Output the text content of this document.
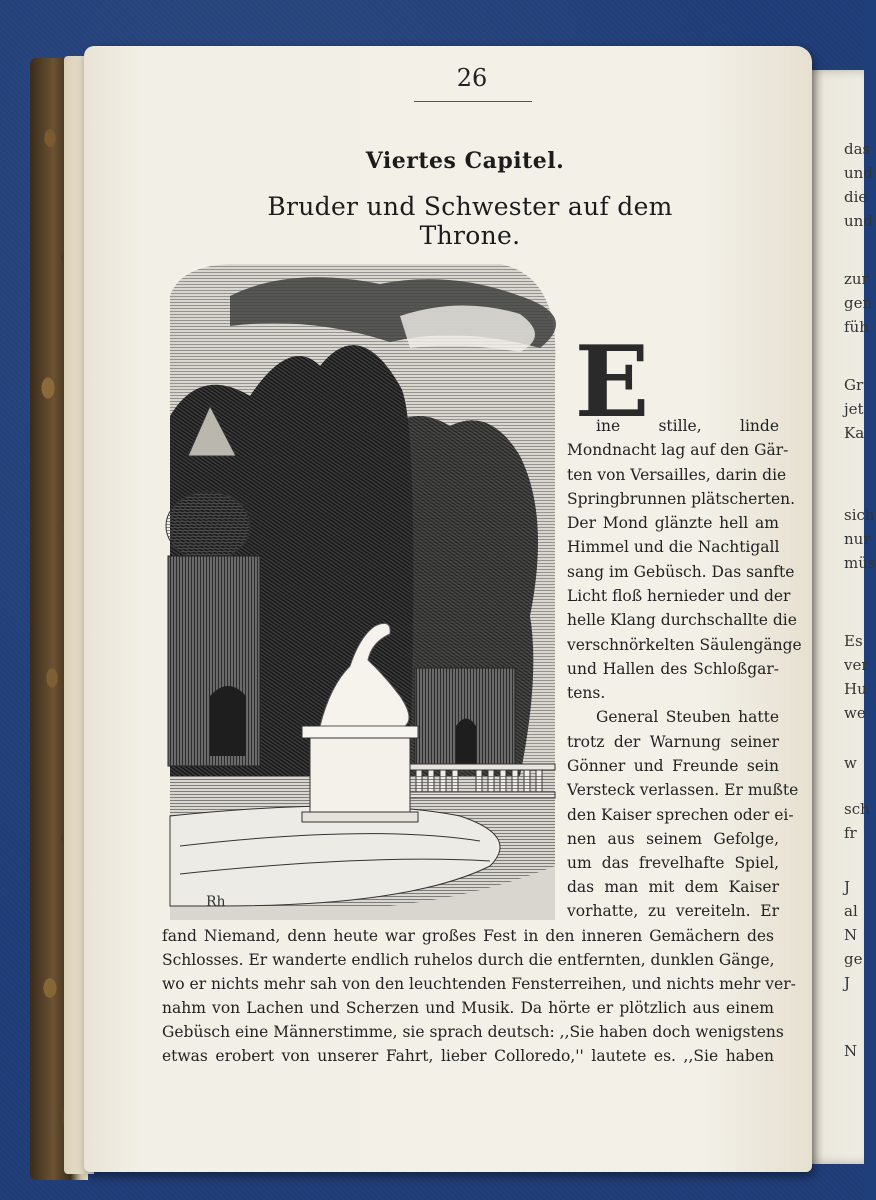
das
und
die
und
zur
gen
füh
Gr
jet
Ka
sich
nur
müs
Es
ver
Hu
we
w
sch
fr
J
al
N
ge
J
N
26
Viertes Capitel.
Bruder und Schwester auf dem Throne.
Rh
E
ine stille, linde
Mondnacht lag auf den Gär-
ten von Versailles, darin die
Springbrunnen plätscherten.
Der Mond glänzte hell am
Himmel und die Nachtigall
sang im Gebüsch. Das sanfte
Licht floß hernieder und der
helle Klang durchschallte die
verschnörkelten Säulengänge
und Hallen des Schloßgar-
tens.
General Steuben hatte
trotz der Warnung seiner
Gönner und Freunde sein
Versteck verlassen. Er mußte
den Kaiser sprechen oder ei-
nen aus seinem Gefolge,
um das frevelhafte Spiel,
das man mit dem Kaiser
vorhatte, zu vereiteln. Er
fand Niemand, denn heute war großes Fest in den inneren Gemächern des
Schlosses. Er wanderte endlich ruhelos durch die entfernten, dunklen Gänge,
wo er nichts mehr sah von den leuchtenden Fensterreihen, und nichts mehr ver-
nahm von Lachen und Scherzen und Musik. Da hörte er plötzlich aus einem
Gebüsch eine Männerstimme, sie sprach deutsch: ,,Sie haben doch wenigstens
etwas erobert von unserer Fahrt, lieber Colloredo,'' lautete es. ,,Sie haben
